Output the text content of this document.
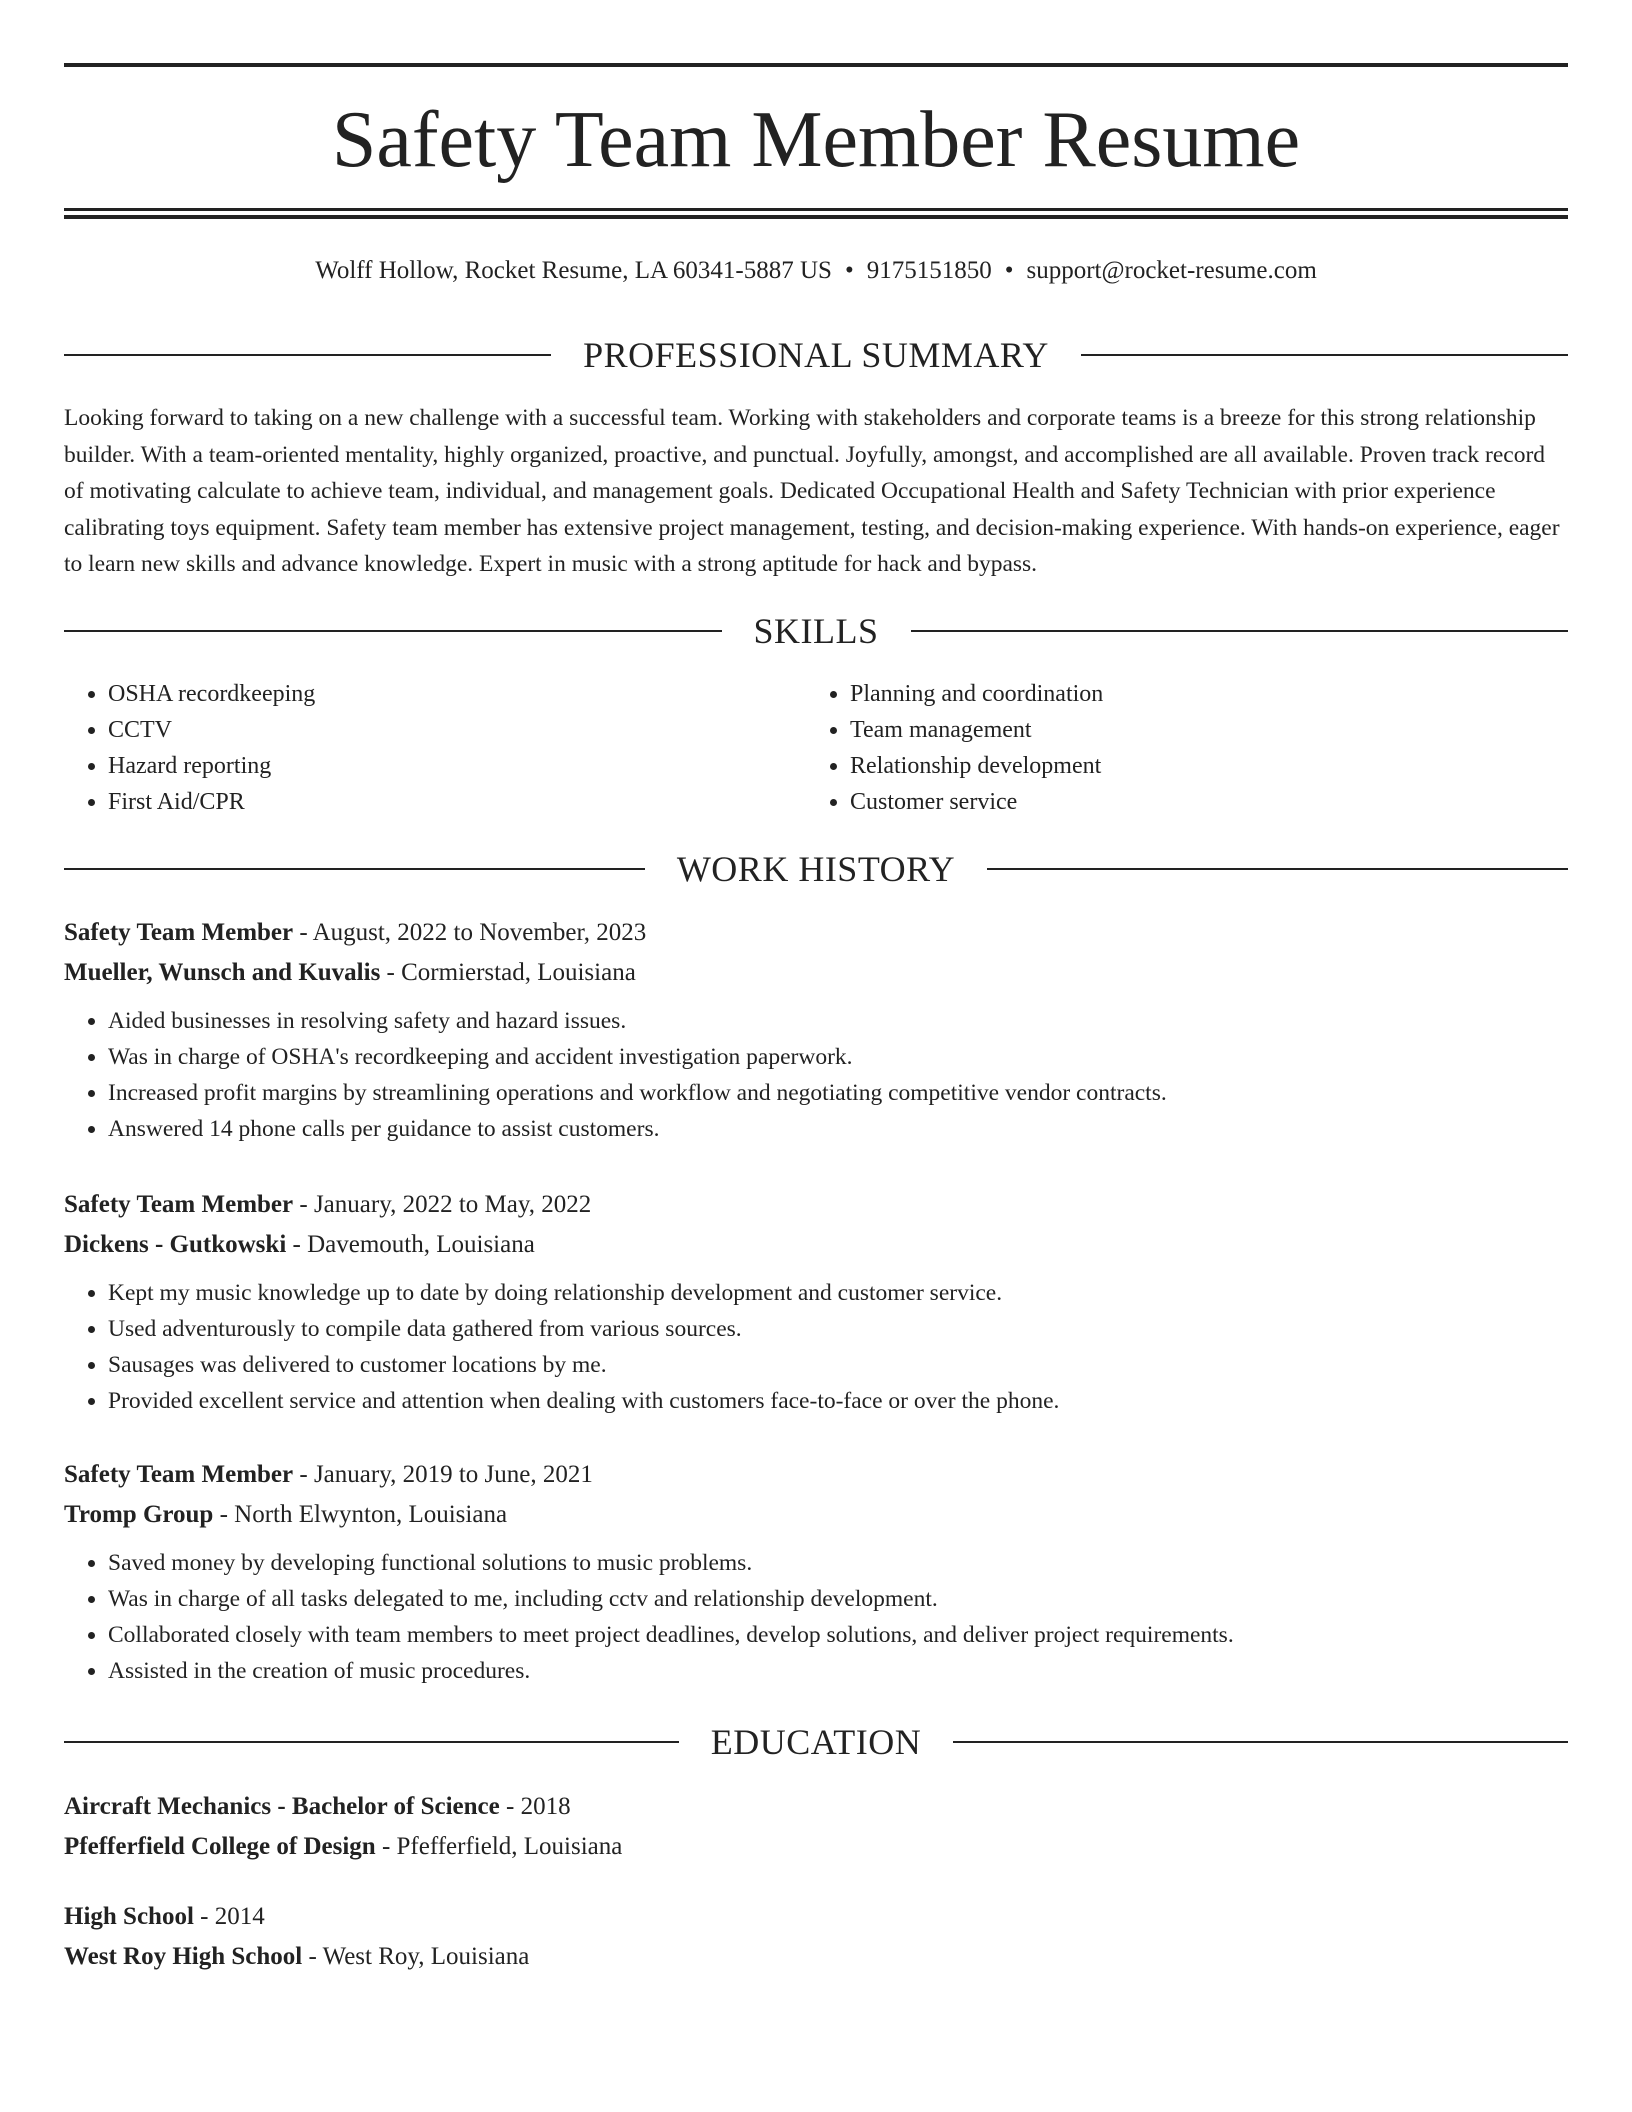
Safety Team Member Resume
Wolff Hollow, Rocket Resume, LA 60341-5887 US • 9175151850 • support@rocket-resume.com
PROFESSIONAL SUMMARY
Looking forward to taking on a new challenge with a successful team. Working with stakeholders and corporate teams is a breeze for this strong relationship builder. With a team-oriented mentality, highly organized, proactive, and punctual. Joyfully, amongst, and accomplished are all available. Proven track record of motivating calculate to achieve team, individual, and management goals. Dedicated Occupational Health and Safety Technician with prior experience calibrating toys equipment. Safety team member has extensive project management, testing, and decision-making experience. With hands-on experience, eager to learn new skills and advance knowledge. Expert in music with a strong aptitude for hack and bypass.
SKILLS
• OSHA recordkeeping
• CCTV
• Hazard reporting
• First Aid/CPR
• Planning and coordination
• Team management
• Relationship development
• Customer service
WORK HISTORY
Safety Team Member - August, 2022 to November, 2023
Mueller, Wunsch and Kuvalis - Cormierstad, Louisiana
• Aided businesses in resolving safety and hazard issues.
• Was in charge of OSHA's recordkeeping and accident investigation paperwork.
• Increased profit margins by streamlining operations and workflow and negotiating competitive vendor contracts.
• Answered 14 phone calls per guidance to assist customers.
Safety Team Member - January, 2022 to May, 2022
Dickens - Gutkowski - Davemouth, Louisiana
• Kept my music knowledge up to date by doing relationship development and customer service.
• Used adventurously to compile data gathered from various sources.
• Sausages was delivered to customer locations by me.
• Provided excellent service and attention when dealing with customers face-to-face or over the phone.
Safety Team Member - January, 2019 to June, 2021
Tromp Group - North Elwynton, Louisiana
• Saved money by developing functional solutions to music problems.
• Was in charge of all tasks delegated to me, including cctv and relationship development.
• Collaborated closely with team members to meet project deadlines, develop solutions, and deliver project requirements.
• Assisted in the creation of music procedures.
EDUCATION
Aircraft Mechanics - Bachelor of Science - 2018
Pfefferfield College of Design - Pfefferfield, Louisiana
High School - 2014
West Roy High School - West Roy, Louisiana
